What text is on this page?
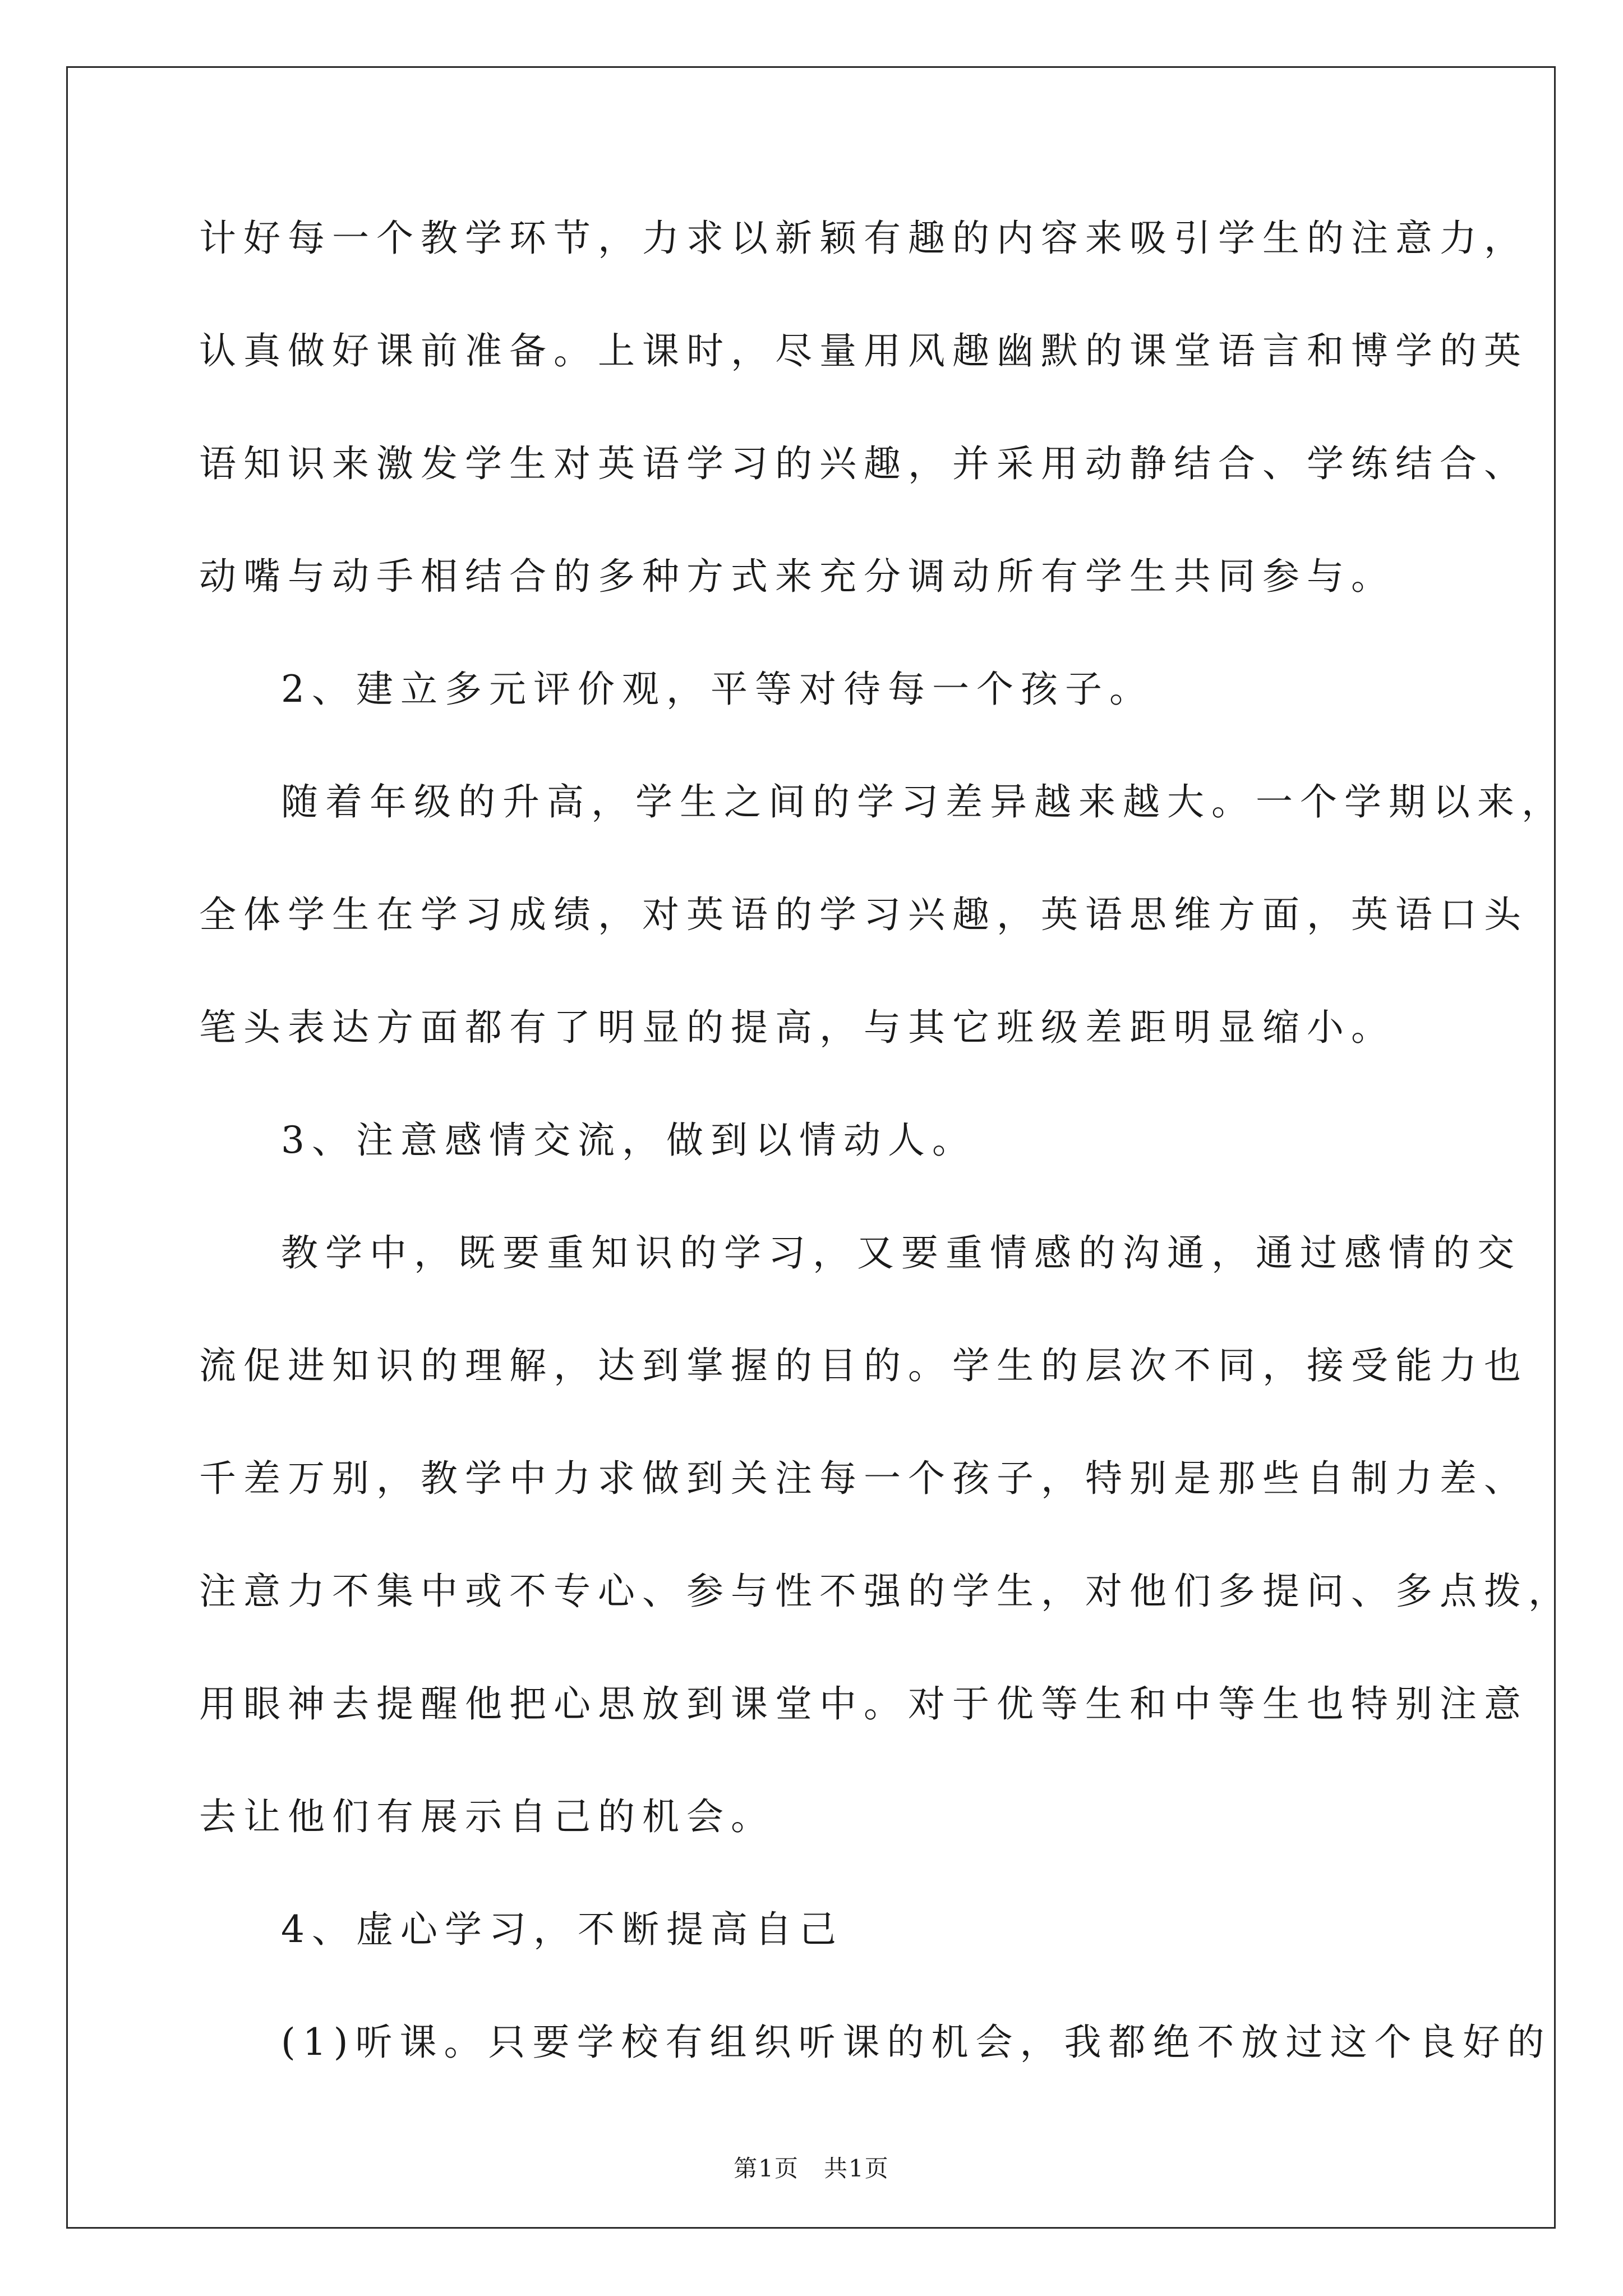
计好每一个教学环节，力求以新颖有趣的内容来吸引学生的注意力，
认真做好课前准备。上课时，尽量用风趣幽默的课堂语言和博学的英
语知识来激发学生对英语学习的兴趣，并采用动静结合、学练结合、
动嘴与动手相结合的多种方式来充分调动所有学生共同参与。
2、建立多元评价观，平等对待每一个孩子。
随着年级的升高，学生之间的学习差异越来越大。一个学期以来，
全体学生在学习成绩，对英语的学习兴趣，英语思维方面，英语口头
笔头表达方面都有了明显的提高，与其它班级差距明显缩小。
3、注意感情交流，做到以情动人。
教学中，既要重知识的学习，又要重情感的沟通，通过感情的交
流促进知识的理解，达到掌握的目的。学生的层次不同，接受能力也
千差万别，教学中力求做到关注每一个孩子，特别是那些自制力差、
注意力不集中或不专心、参与性不强的学生，对他们多提问、多点拨，
用眼神去提醒他把心思放到课堂中。对于优等生和中等生也特别注意
去让他们有展示自己的机会。
4、虚心学习，不断提高自己
(1)听课。只要学校有组织听课的机会，我都绝不放过这个良好的
第1页　共1页
